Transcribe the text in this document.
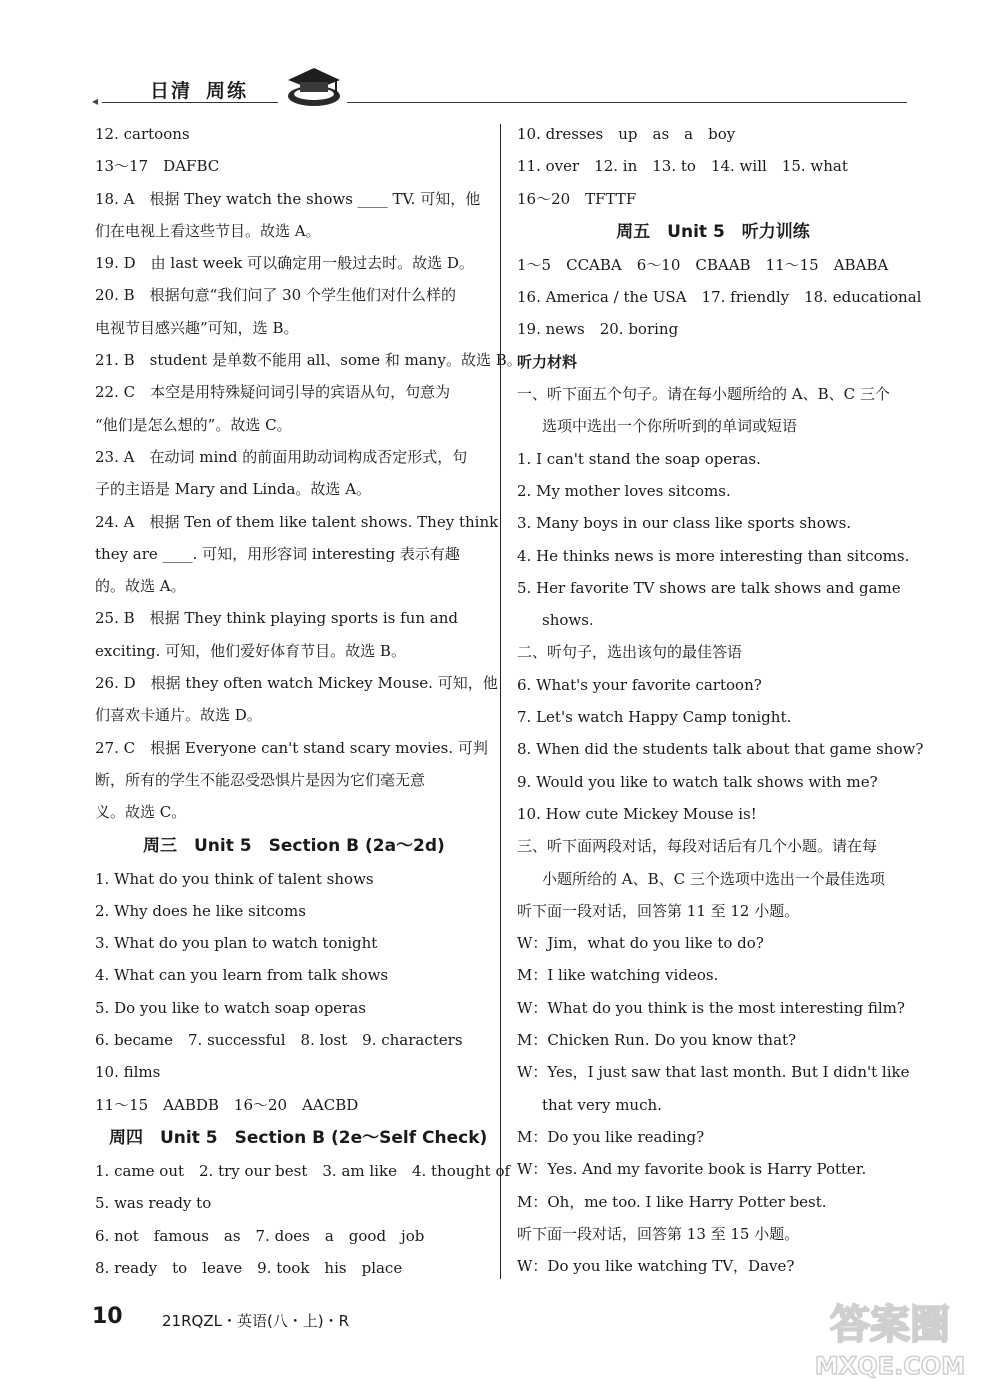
◂	日清 周练
12. cartoons
13～17　DAFBC
18. A　根据 They watch the shows ____ TV. 可知，他
们在电视上看这些节目。故选 A。
19. D　由 last week 可以确定用一般过去时。故选 D。
20. B　根据句意“我们问了 30 个学生他们对什么样的
电视节目感兴趣”可知，选 B。
21. B　student 是单数不能用 all、some 和 many。故选 B。
22. C　本空是用特殊疑问词引导的宾语从句，句意为
“他们是怎么想的”。故选 C。
23. A　在动词 mind 的前面用助动词构成否定形式，句
子的主语是 Mary and Linda。故选 A。
24. A　根据 Ten of them like talent shows. They think
they are ____. 可知，用形容词 interesting 表示有趣
的。故选 A。
25. B　根据 They think playing sports is fun and
exciting. 可知，他们爱好体育节目。故选 B。
26. D　根据 they often watch Mickey Mouse. 可知，他
们喜欢卡通片。故选 D。
27. C　根据 Everyone can't stand scary movies. 可判
断，所有的学生不能忍受恐惧片是因为它们毫无意
义。故选 C。
周三　Unit 5　Section B (2a～2d)
1. What do you think of talent shows
2. Why does he like sitcoms
3. What do you plan to watch tonight
4. What can you learn from talk shows
5. Do you like to watch soap operas
6. became　7. successful　8. lost　9. characters
10. films
11～15　AABDB　16～20　AACBD
周四　Unit 5　Section B (2e～Self Check)
1. came out　2. try our best　3. am like　4. thought of
5. was ready to
6. not　famous　as　7. does　a　good　job
8. ready　to　leave　9. took　his　place
10. dresses　up　as　a　boy
11. over　12. in　13. to　14. will　15. what
16～20　TFTTF
周五　Unit 5　听力训练
1～5　CCABA　6～10　CBAAB　11～15　ABABA
16. America / the USA　17. friendly　18. educational
19. news　20. boring
听力材料
一、听下面五个句子。请在每小题所给的 A、B、C 三个
选项中选出一个你所听到的单词或短语
1. I can't stand the soap operas.
2. My mother loves sitcoms.
3. Many boys in our class like sports shows.
4. He thinks news is more interesting than sitcoms.
5. Her favorite TV shows are talk shows and game
shows.
二、听句子，选出该句的最佳答语
6. What's your favorite cartoon?
7. Let's watch Happy Camp tonight.
8. When did the students talk about that game show?
9. Would you like to watch talk shows with me?
10. How cute Mickey Mouse is!
三、听下面两段对话，每段对话后有几个小题。请在每
小题所给的 A、B、C 三个选项中选出一个最佳选项
听下面一段对话，回答第 11 至 12 小题。
W：Jim，what do you like to do?
M：I like watching videos.
W：What do you think is the most interesting film?
M：Chicken Run. Do you know that?
W：Yes，I just saw that last month. But I didn't like
that very much.
M：Do you like reading?
W：Yes. And my favorite book is Harry Potter.
M：Oh，me too. I like Harry Potter best.
听下面一段对话，回答第 13 至 15 小题。
W：Do you like watching TV，Dave?
10	21RQZL・英语(八・上)・R	答案圈
MXQE.COM
